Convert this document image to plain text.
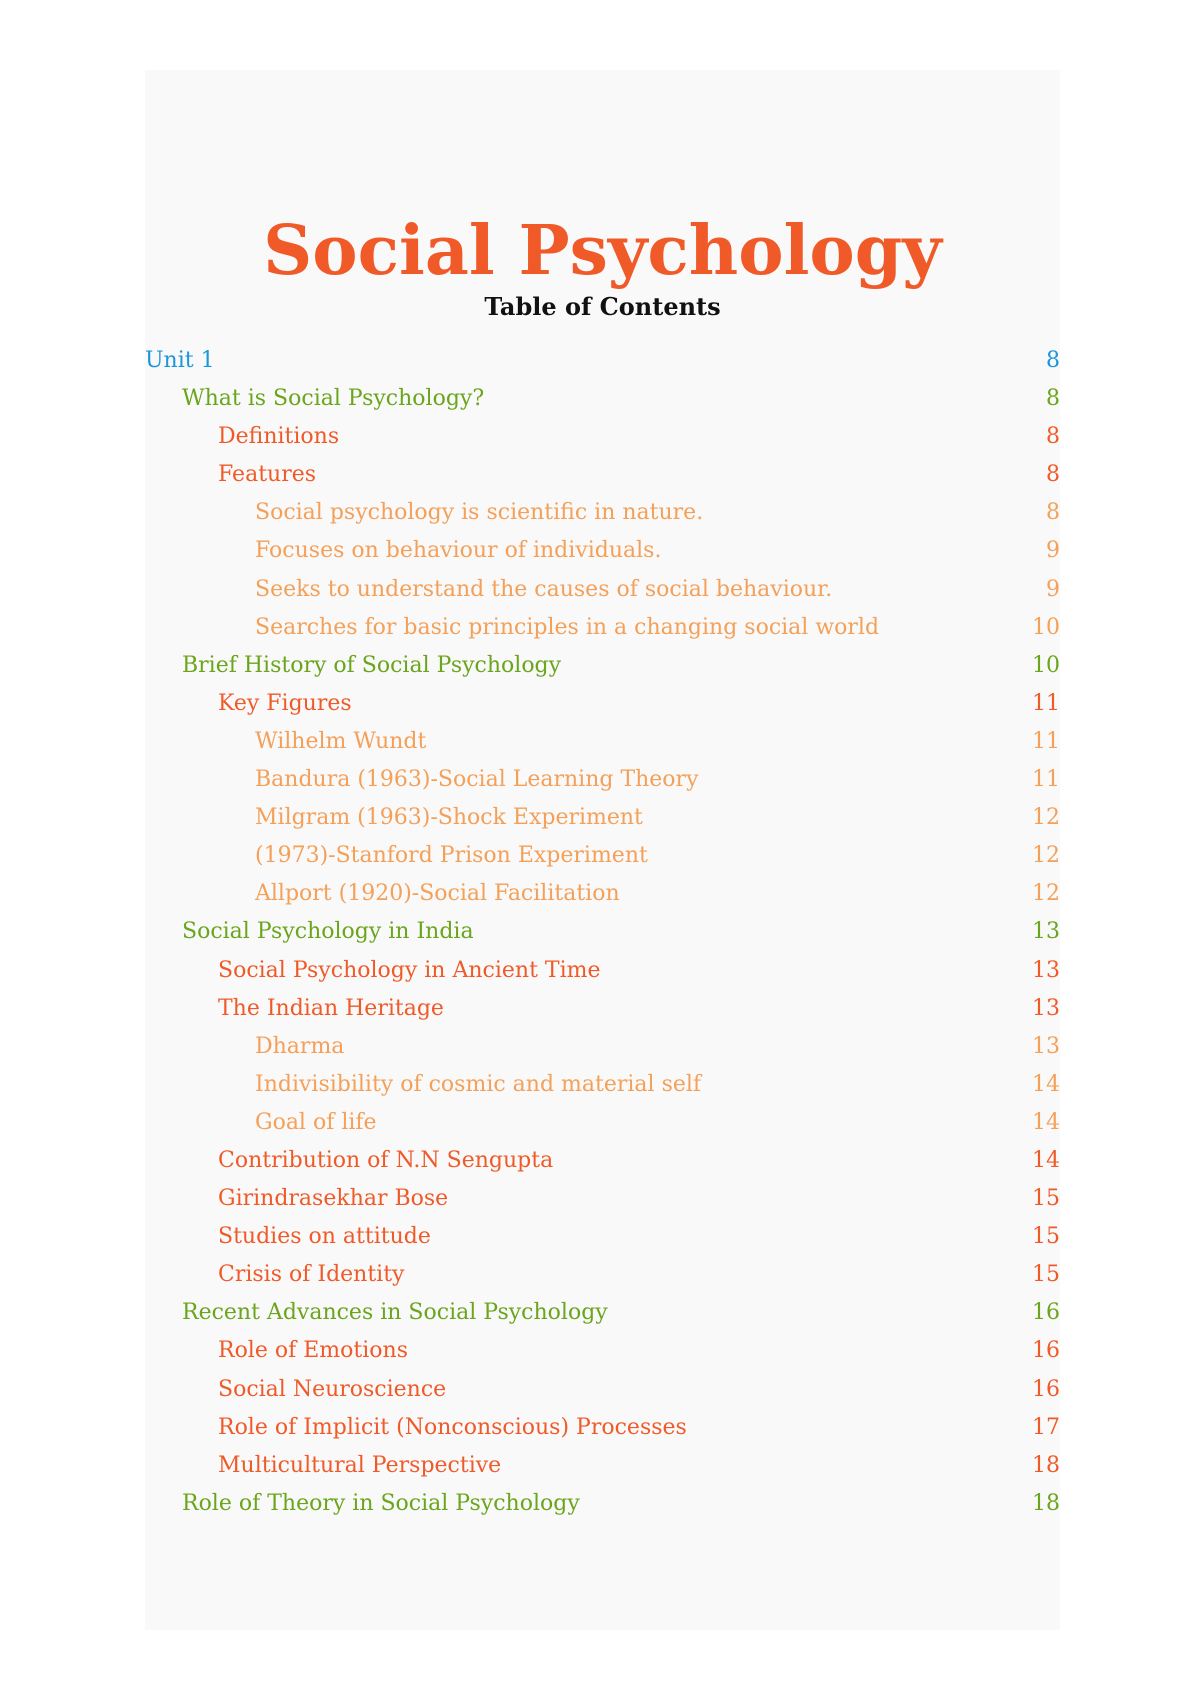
Social Psychology
Table of Contents
Unit 1	8
What is Social Psychology?	8
Definitions	8
Features	8
Social psychology is scientific in nature.	8
Focuses on behaviour of individuals.	9
Seeks to understand the causes of social behaviour.	9
Searches for basic principles in a changing social world	10
Brief History of Social Psychology	10
Key Figures	11
Wilhelm Wundt	11
Bandura (1963)-Social Learning Theory	11
Milgram (1963)-Shock Experiment	12
(1973)-Stanford Prison Experiment	12
Allport (1920)-Social Facilitation	12
Social Psychology in India	13
Social Psychology in Ancient Time	13
The Indian Heritage	13
Dharma	13
Indivisibility of cosmic and material self	14
Goal of life	14
Contribution of N.N Sengupta	14
Girindrasekhar Bose	15
Studies on attitude	15
Crisis of Identity	15
Recent Advances in Social Psychology	16
Role of Emotions	16
Social Neuroscience	16
Role of Implicit (Nonconscious) Processes	17
Multicultural Perspective	18
Role of Theory in Social Psychology	18
